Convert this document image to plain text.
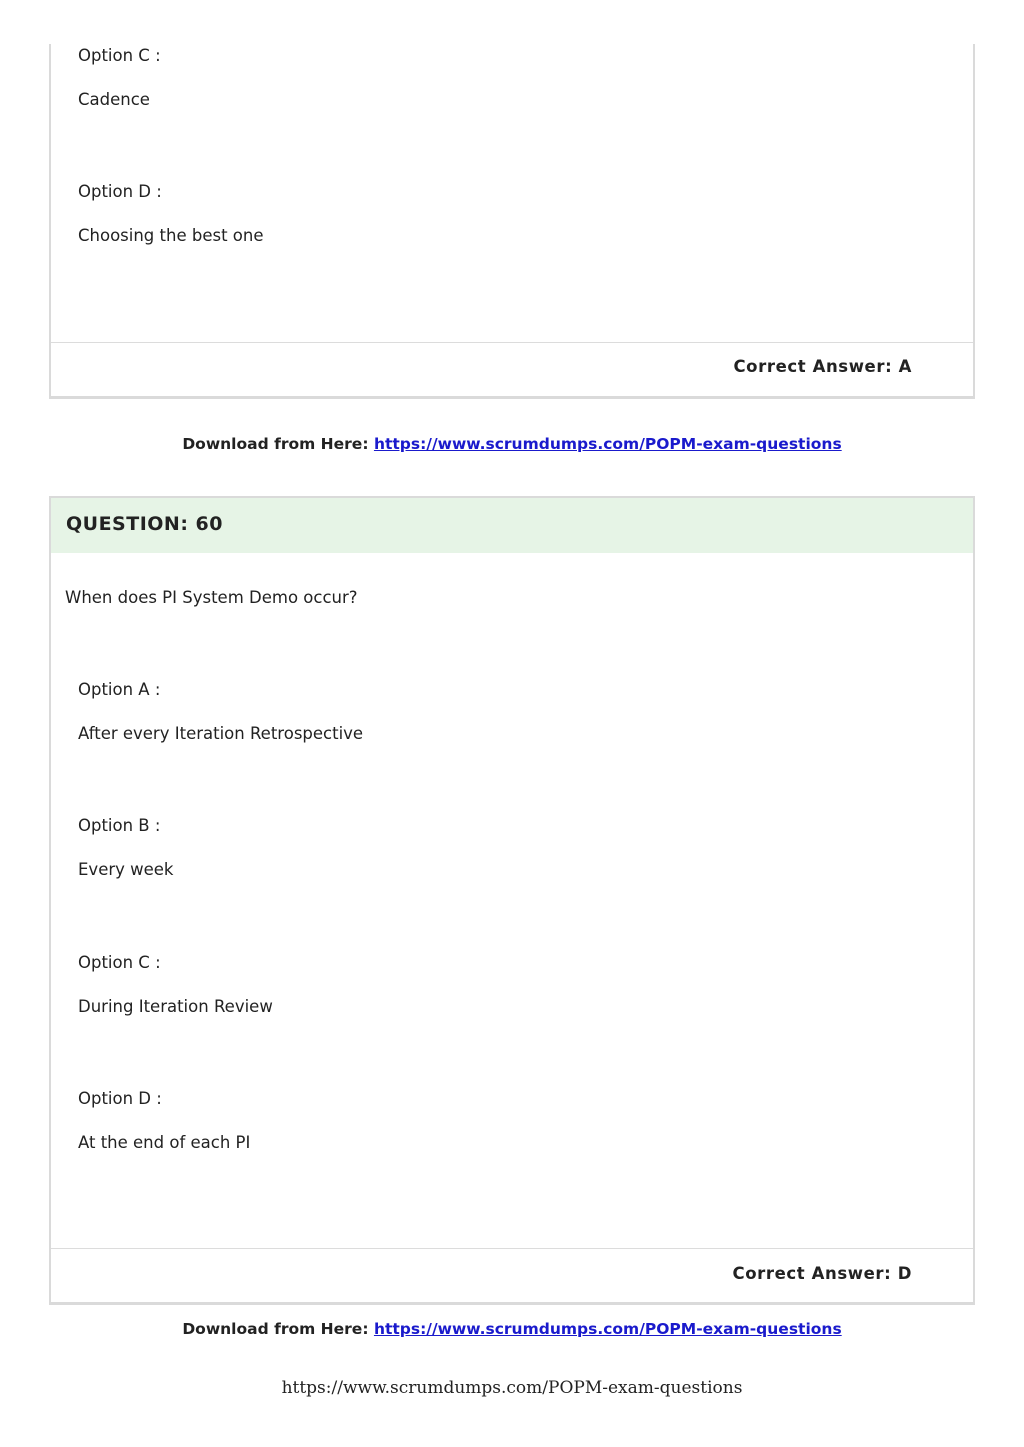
Option C :
Cadence
Option D :
Choosing the best one
Correct Answer: A
Download from Here: https://www.scrumdumps.com/POPM-exam-questions
QUESTION: 60
When does PI System Demo occur?
Option A :
After every Iteration Retrospective
Option B :
Every week
Option C :
During Iteration Review
Option D :
At the end of each PI
Correct Answer: D
Download from Here: https://www.scrumdumps.com/POPM-exam-questions
https://www.scrumdumps.com/POPM-exam-questions
